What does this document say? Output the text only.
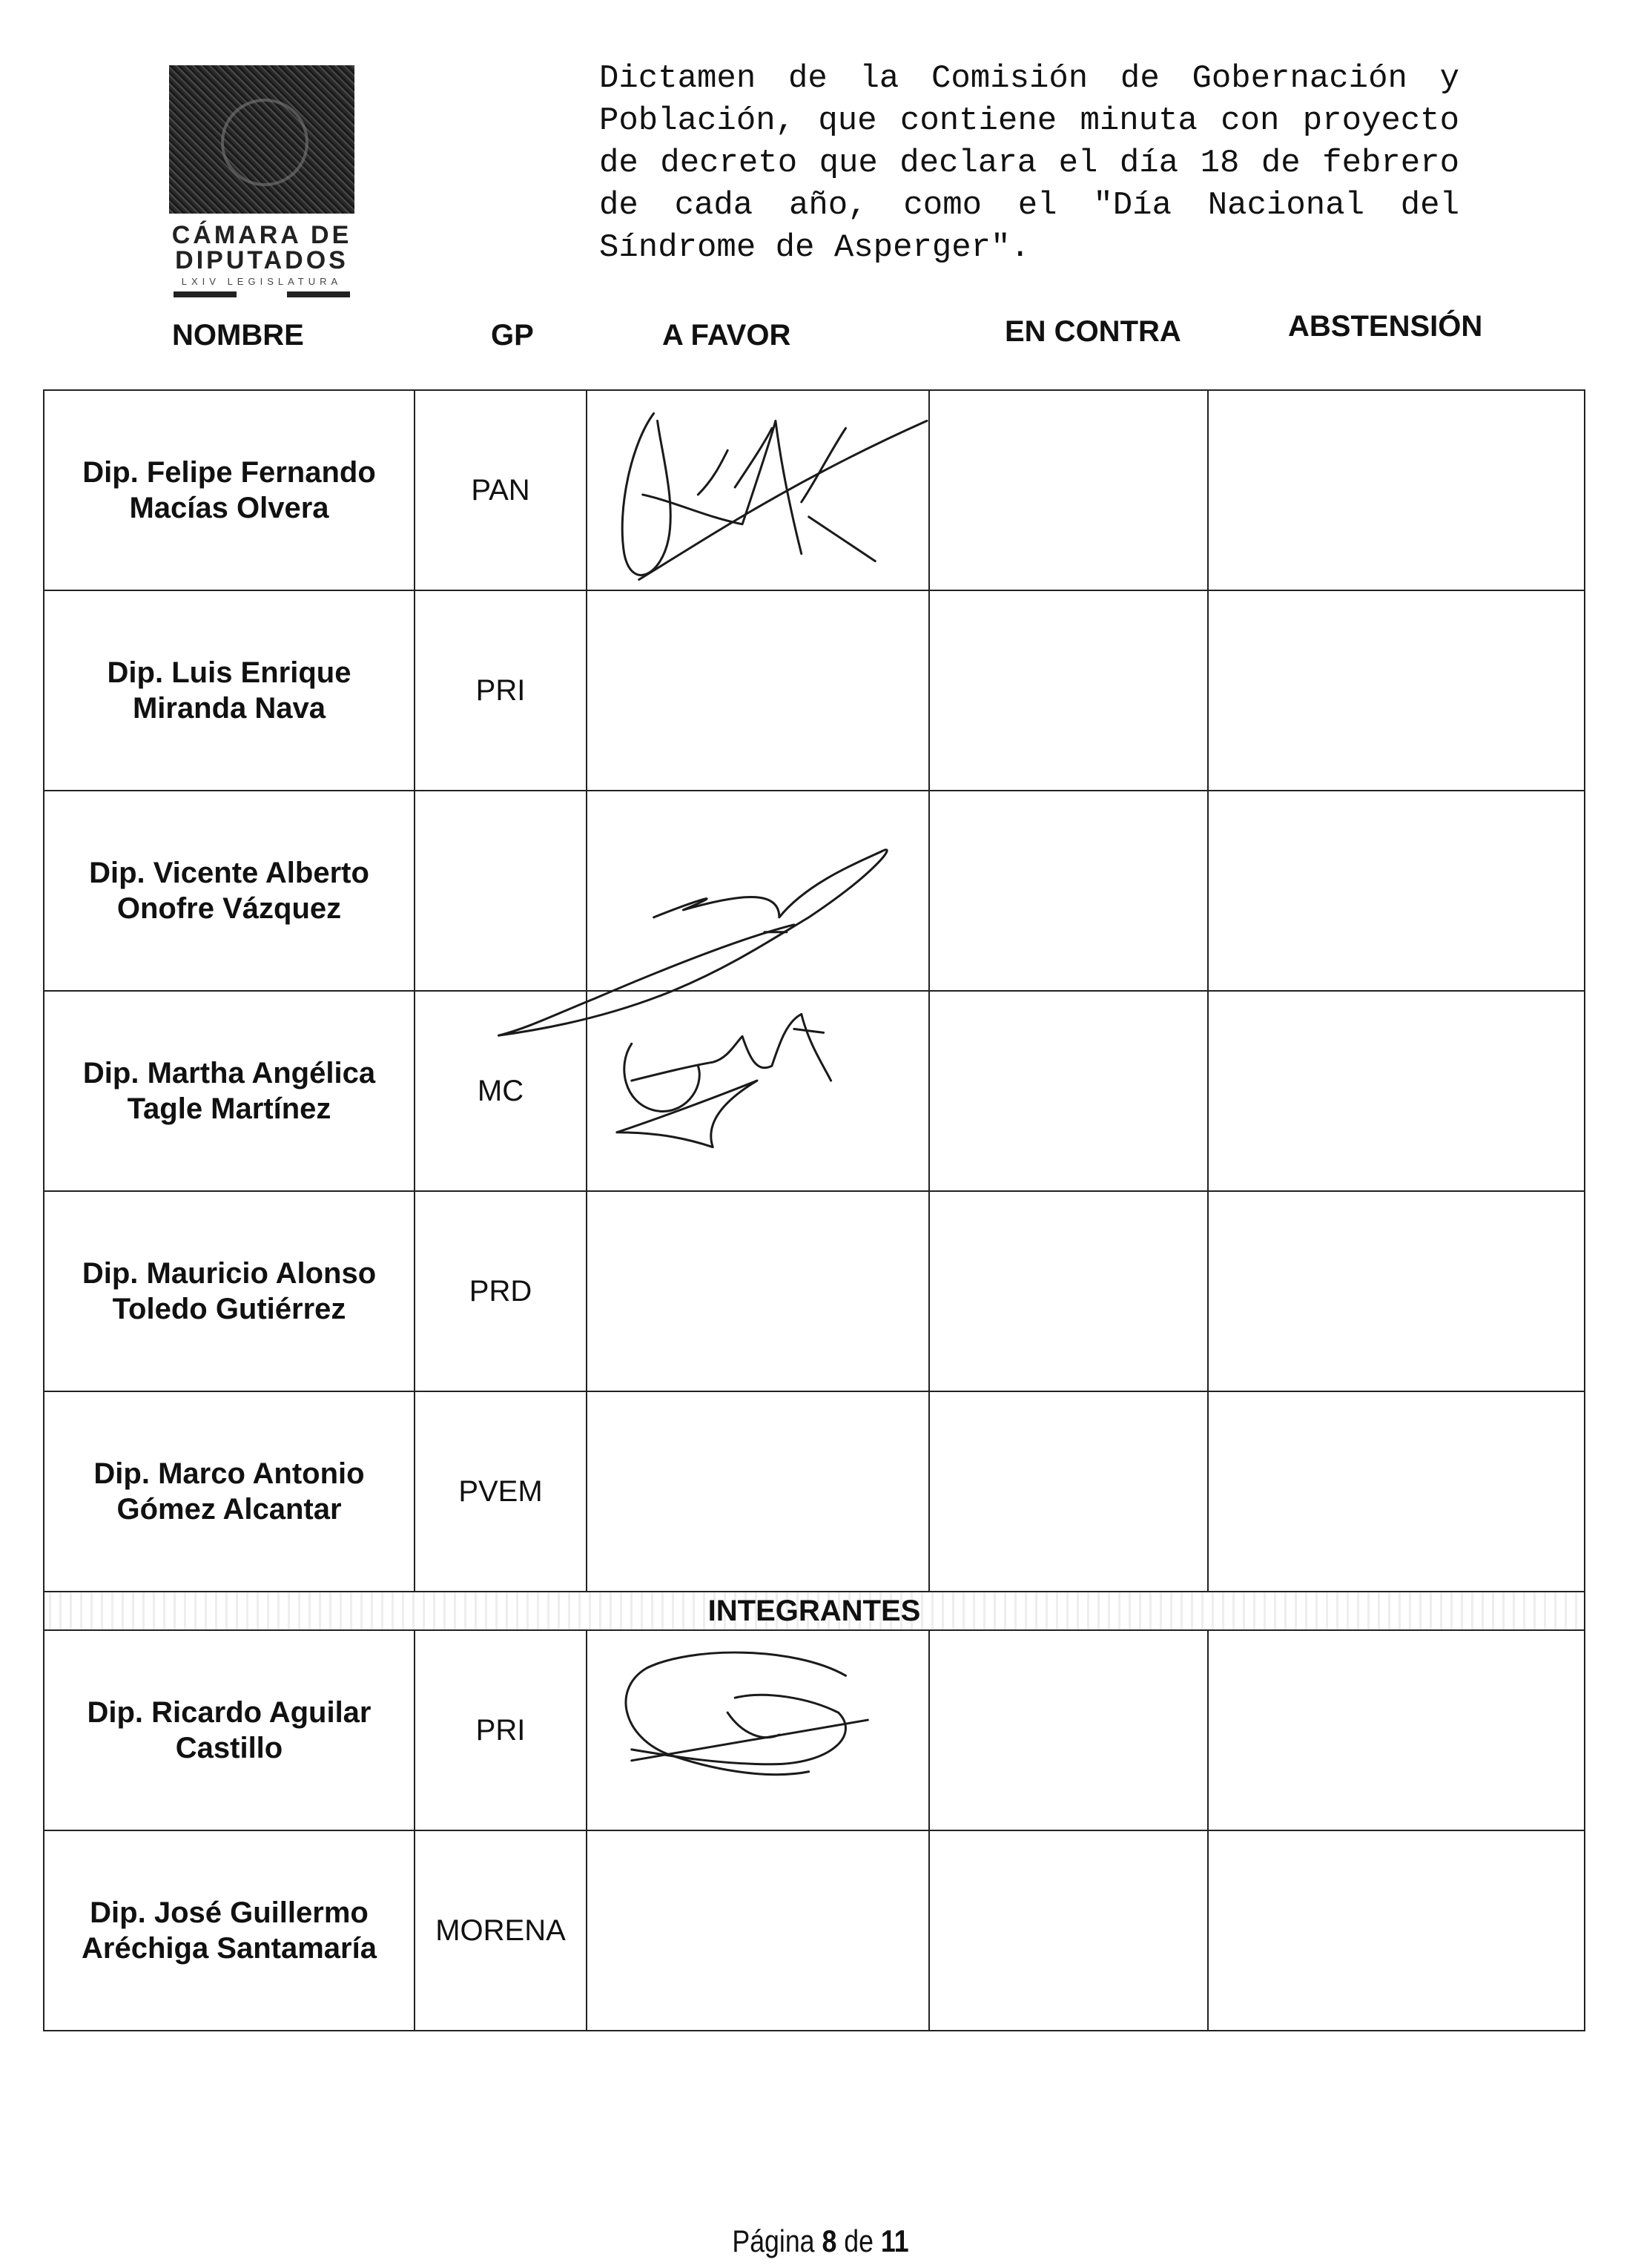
CÁMARA DE
DIPUTADOS
LXIV LEGISLATURA
Dictamen de la Comisión de Gobernación y Población, que contiene minuta con proyecto de decreto que declara el día 18 de febrero de cada año, como el "Día Nacional del Síndrome de Asperger".
NOMBRE	GP	A FAVOR	EN CONTRA	ABSTENSIÓN
Dip. Felipe Fernando
Macías Olvera	PAN	

Dip. Luis Enrique
Miranda Nava	PRI			
Dip. Vicente Alberto
Onofre Vázquez		

Dip. Martha Angélica
Tagle Martínez	MC	

Dip. Mauricio Alonso
Toledo Gutiérrez	PRD			
Dip. Marco Antonio
Gómez Alcantar	PVEM			
INTEGRANTES				
Dip. Ricardo Aguilar
Castillo	PRI	

Dip. José Guillermo
Aréchiga Santamaría	MORENA			
Página 8 de 11
